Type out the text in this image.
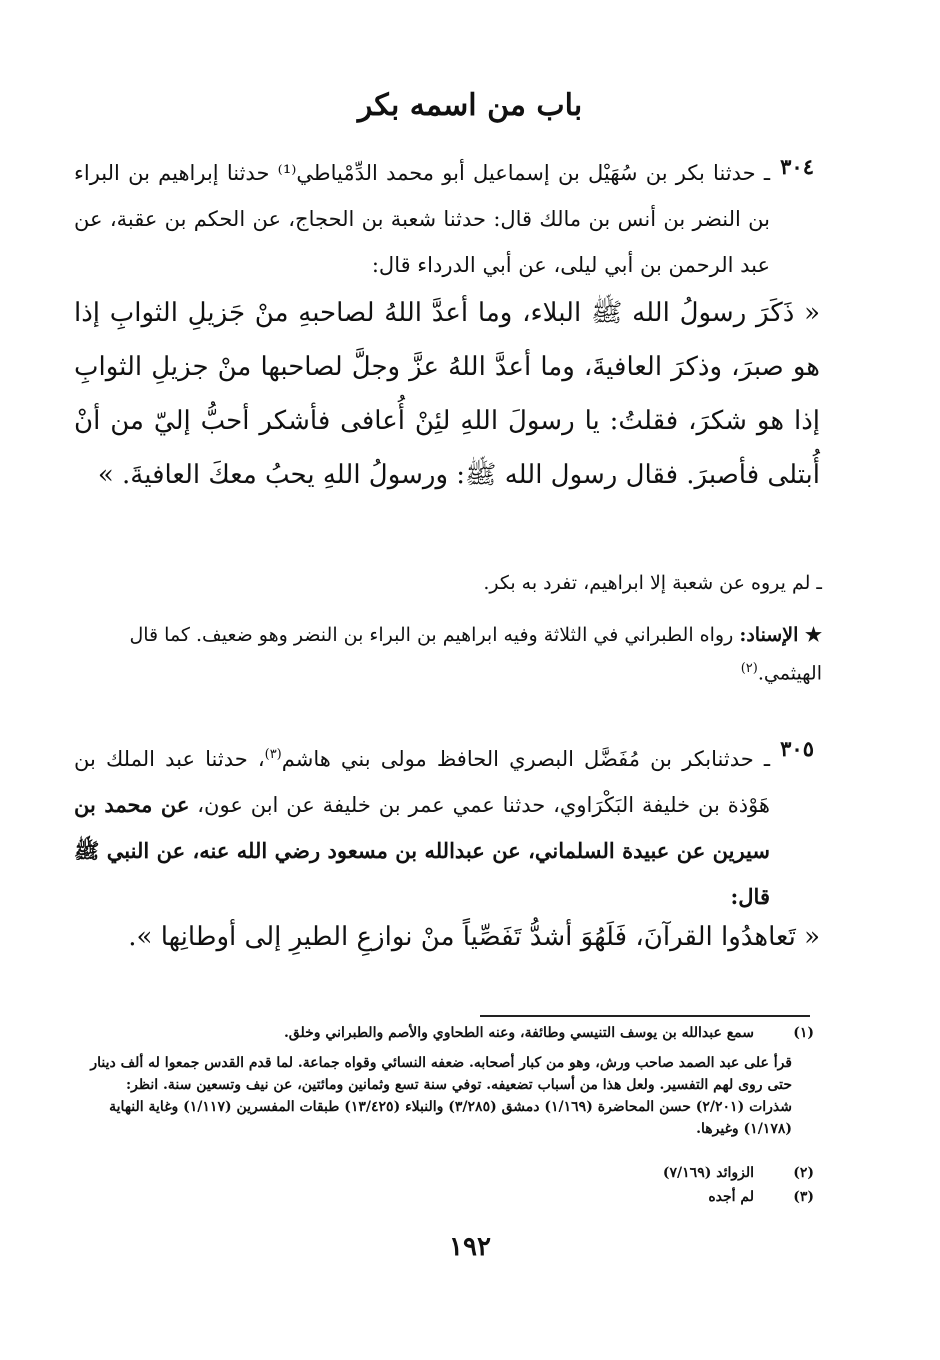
باب من اسمه بكر
٣٠٤
ـ حدثنا بكر بن سُهَيْل بن إسماعيل أبو محمد الدِّمْياطي⁽¹⁾ حدثنا إبراهيم بن البراء بن النضر بن أنس بن مالك قال: حدثنا شعبة بن الحجاج، عن الحكم بن عقبة، عن عبد الرحمن بن أبي ليلى، عن أبي الدرداء قال:
« ذَكَرَ رسولُ الله ﷺ البلاء، وما أعدَّ اللهُ لصاحبهِ منْ جَزيلِ الثوابِ إذا هو صبرَ، وذكرَ العافيةَ، وما أعدَّ اللهُ عزَّ وجلَّ لصاحبها منْ جزيلِ الثوابِ إذا هو شكرَ، فقلتُ: يا رسولَ اللهِ لئِنْ أُعافى فأشكر أحبُّ إليّ من أنْ أُبتلى فأصبرَ. فقال رسول الله ﷺ: ورسولُ اللهِ يحبُ معكَ العافيةَ. »
ـ لم يروه عن شعبة إلا ابراهيم، تفرد به بكر.
★ الإسناد: رواه الطبراني في الثلاثة وفيه ابراهيم بن البراء بن النضر وهو ضعيف. كما قال الهيثمي.$^{(٢)}$
٣٠٥
ـ حدثنابكر بن مُفَضَّل البصري الحافظ مولى بني هاشم$^{(٣)}$، حدثنا عبد الملك بن هَوْذة بن خليفة البَكْرَاوي، حدثنا عمي عمر بن خليفة عن ابن عون، عن محمد بن سيرين عن عبيدة السلماني، عن عبدالله بن مسعود رضي الله عنه، عن النبي ﷺ قال:
« تَعاهدُوا القرآنَ، فَلَهُوَ أشدُّ تَفَصِّياً منْ نوازعِ الطيرِ إلى أوطانِها ».
(١)
سمع عبدالله بن يوسف التنيسي وطائفة، وعنه الطحاوي والأصم والطبراني وخلق.
قرأ على عبد الصمد صاحب ورش، وهو من كبار أصحابه. ضعفه النسائي وقواه جماعة. لما قدم القدس جمعوا له ألف دينار حتى روى لهم التفسير. ولعل هذا من أسباب تضعيفه. توفي سنة تسع وثمانين ومائتين، عن نيف وتسعين سنة. انظر: شذرات (٢/٢٠١) حسن المحاضرة (١/١٦٩) دمشق (٣/٢٨٥) والنبلاء (١٣/٤٢٥) طبقات المفسرين (١/١١٧) وغاية النهاية (١/١٧٨) وغيرها.
(٢)
الزوائد (٧/١٦٩)
(٣)
لم أجده
١٩٢
